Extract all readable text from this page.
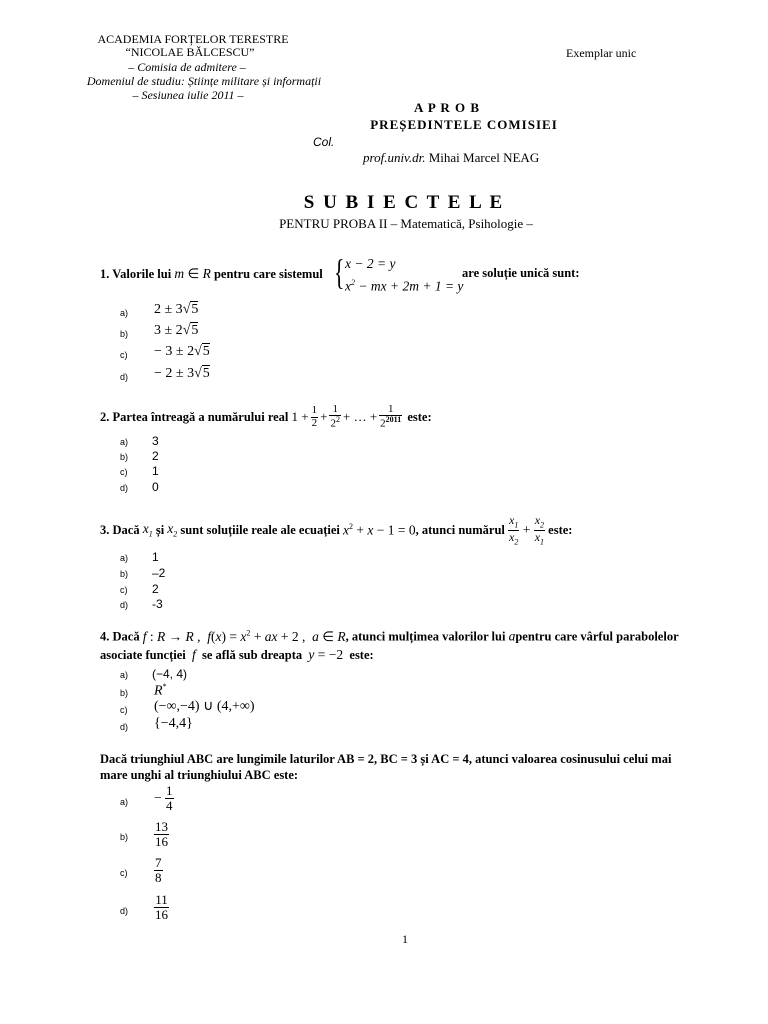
ACADEMIA FORȚELOR TERESTRE
“NICOLAE BĂLCESCU”
– Comisia de admitere –
Domeniul de studiu: Științe militare și informații
– Sesiunea iulie 2011 –
Exemplar unic
A P R O B
PREȘEDINTELE COMISIEI
Col.
prof.univ.dr. Mihai Marcel NEAG
S U B I E C T E L E
PENTRU PROBA II – Matematică, Psihologie –
1. Valorile lui m ∈ R pentru care sistemul { x − 2 = y
$x^2$ − mx + 2m + 1 = y
are soluție unică sunt:
a) 2 ± 3√5
b) 3 ± 2√5
c) − 3 ± 2√5
d) − 2 ± 3√5
2.
Partea întreagă a numărului real
$1 + \frac{1}{2} + \frac{1}{2^2}$ + … + $\frac{1}{2^{2011}}$
este:
a) 3
b) 2
c) 1
d) 0
3.
Dacă
$x_1$
și
$x_2$
sunt soluțiile reale ale ecuației
$x^2 + x - 1 = 0$ , atunci numărul
$\frac{x_1}{x_2} + \frac{x_2}{x_1}$
este:
a) 1
b) –2
c) 2
d) -3
4. Dacă f : R → R ,  $f(x) = x^2$ + ax + 2 ,  a ∈ R, atunci mulțimea valorilor lui apentru care vârful parabolelor
asociate funcției f se află sub dreapta y = −2 este:
a) (−4, 4)
b) R*
c) (−∞,−4) ∪ (4,+∞)
d) {−4,4}
Dacă triunghiul ABC are lungimile laturilor AB = 2, BC = 3 și AC = 4, atunci valoarea cosinusului celui mai
mare unghi al triunghiului ABC este:
$a) - \frac{1}{4}$
$b) \frac{13}{16}$
$c) \frac{7}{8}$
$d) \frac{11}{16}$
1
